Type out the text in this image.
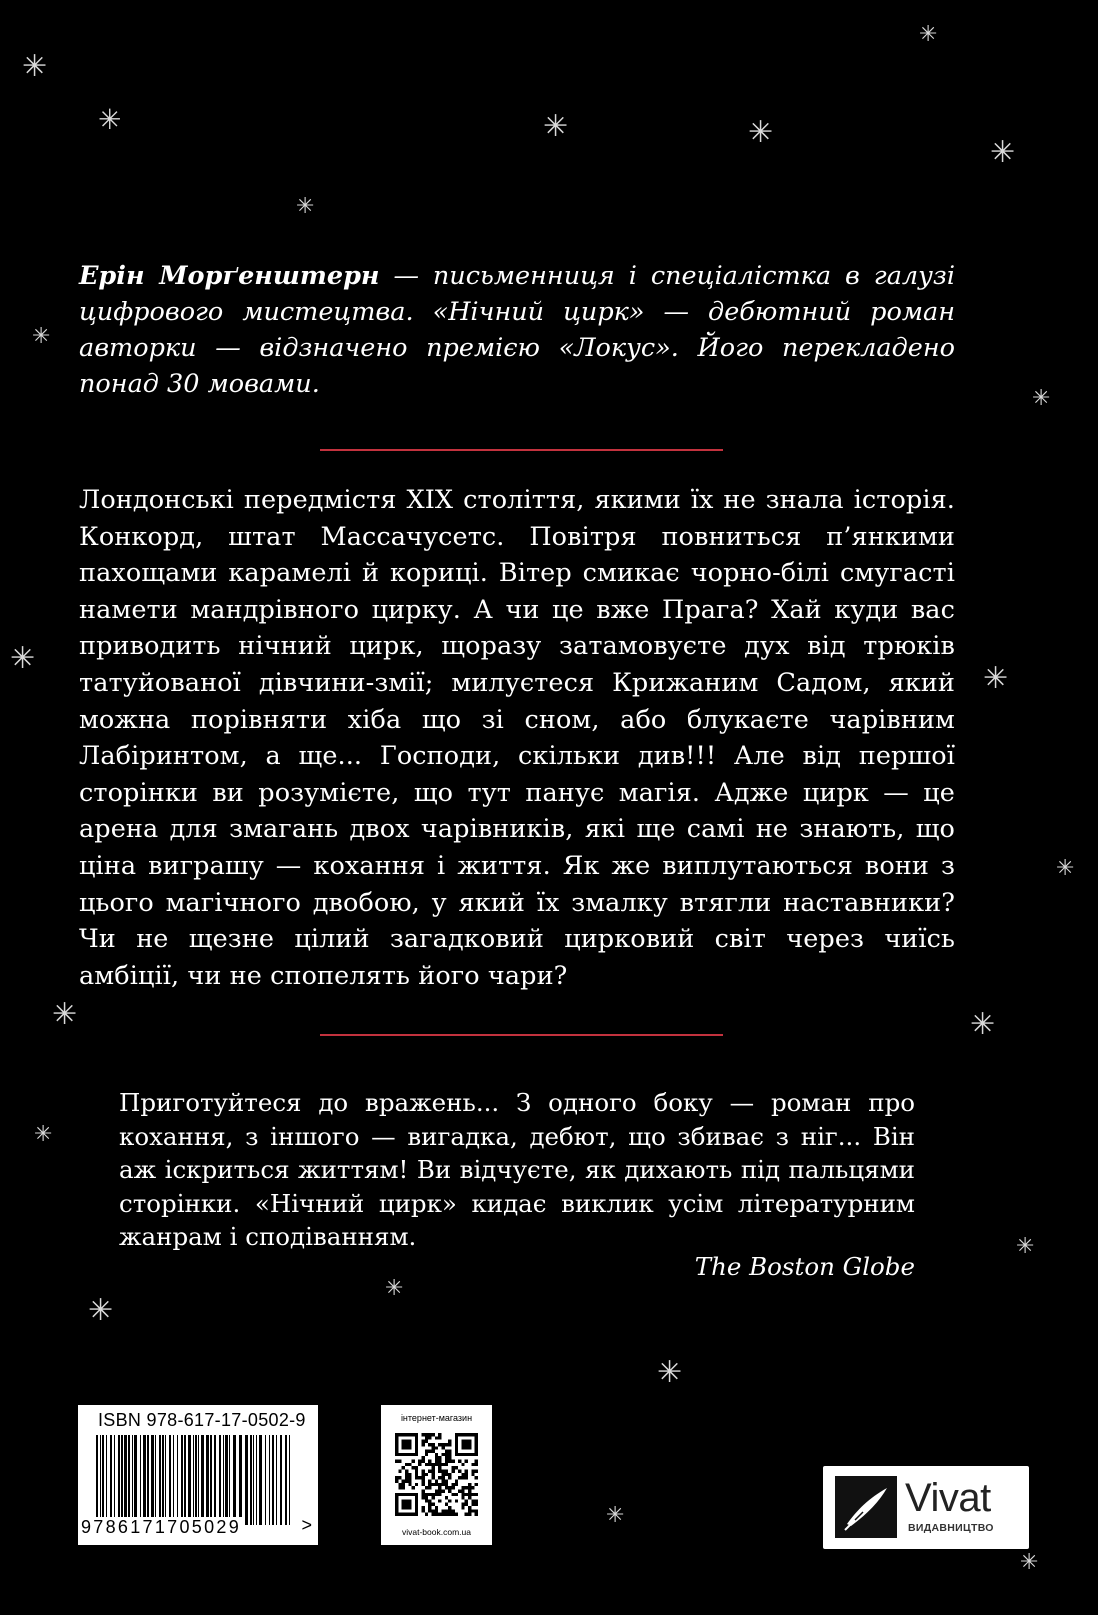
✳
✳	✳	✳
✳
✳
✳
✳
✳
✳
✳
✳
✳	✳
✳
✳
✳
✳
✳
✳
✳

Ерін Морґенштерн — письменниця і спеціалістка в галузі цифрового мистецтва. «Нічний цирк» — дебютний роман авторки — відзначено премією «Локус». Його перекладено понад 30 мовами.

Лондонські передмістя XIX століття, якими їх не знала історія. Конкорд, штат Массачусетс. Повітря повниться п’янкими пахощами карамелі й кориці. Вітер смикає чорно-білі смугасті намети мандрівного цирку. А чи це вже Прага? Хай куди вас приводить нічний цирк, щоразу затамовуєте дух від трюків татуйованої дівчини-змії; милуєтеся Крижаним Садом, який можна порівняти хіба що зі сном, або блукаєте чарівним Лабіринтом, а ще... Господи, скільки див!!! Але від першої сторінки ви розумієте, що тут панує магія. Адже цирк — це арена для змагань двох чарівників, які ще самі не знають, що ціна виграшу — кохання і життя. Як же виплутаються вони з цього магічного двобою, у який їх змалку втягли наставники? Чи не щезне цілий загадковий цирковий світ через чиїсь амбіції, чи не спопелять його чари?

Приготуйтеся до вражень... З одного боку — роман про кохання, з іншого — вигадка, дебют, що збиває з ніг... Він аж іскриться життям! Ви відчуєте, як дихають під пальцями сторінки. «Нічний цирк» кидає виклик усім літературним жанрам і сподіванням.

The Boston Globe

ISBN 978-617-17-0502-9
9786171705029	>
інтернет-магазин
vivat-book.com.ua
Vivat
ВИДАВНИЦТВО
